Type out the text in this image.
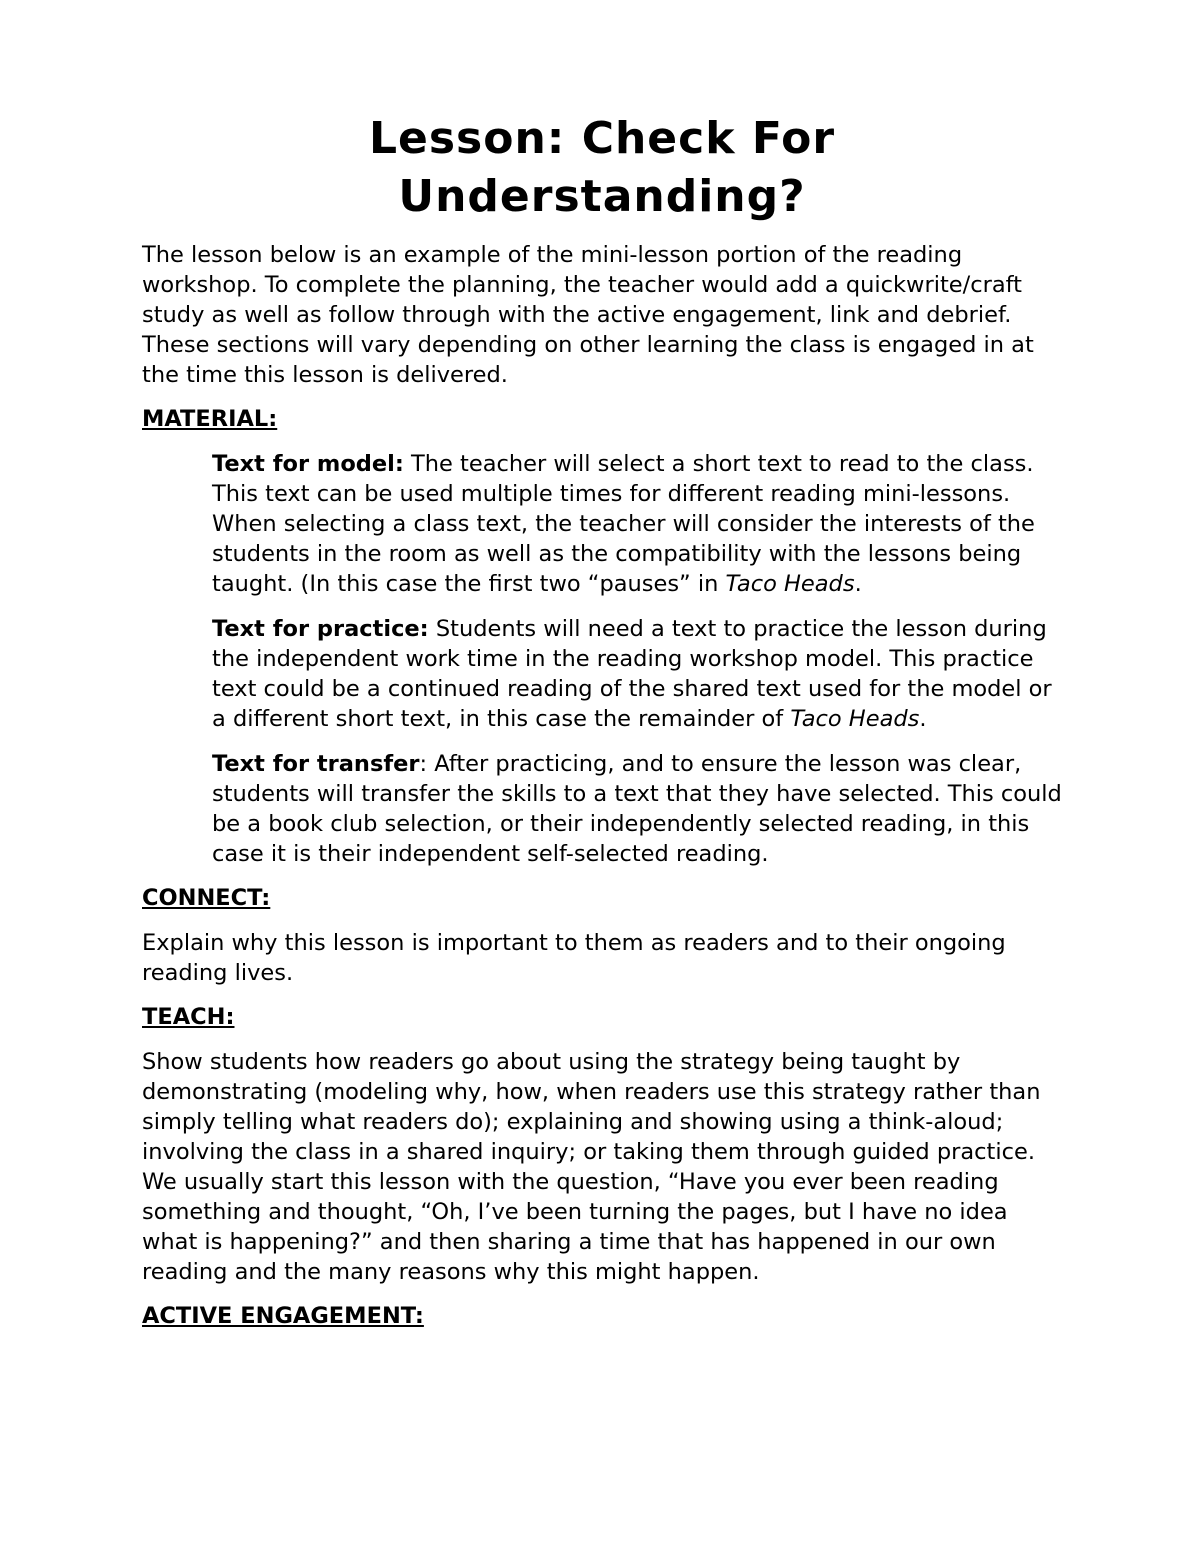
Lesson: Check For
Understanding?

The lesson below is an example of the mini-lesson portion of the reading workshop. To complete the planning, the teacher would add a quickwrite/craft study as well as follow through with the active engagement, link and debrief. These sections will vary depending on other learning the class is engaged in at the time this lesson is delivered.

MATERIAL:

Text for model: The teacher will select a short text to read to the class. This text can be used multiple times for different reading mini-lessons. When selecting a class text, the teacher will consider the interests of the students in the room as well as the compatibility with the lessons being taught. (In this case the first two “pauses” in Taco Heads.

Text for practice: Students will need a text to practice the lesson during the independent work time in the reading workshop model. This practice text could be a continued reading of the shared text used for the model or a different short text, in this case the remainder of Taco Heads.

Text for transfer: After practicing, and to ensure the lesson was clear, students will transfer the skills to a text that they have selected. This could be a book club selection, or their independently selected reading, in this case it is their independent self-selected reading.

CONNECT:

Explain why this lesson is important to them as readers and to their ongoing reading lives.

TEACH:

Show students how readers go about using the strategy being taught by demonstrating (modeling why, how, when readers use this strategy rather than simply telling what readers do); explaining and showing using a think-aloud; involving the class in a shared inquiry; or taking them through guided practice. We usually start this lesson with the question, “Have you ever been reading something and thought, “Oh, I’ve been turning the pages, but I have no idea what is happening?” and then sharing a time that has happened in our own reading and the many reasons why this might happen.

ACTIVE ENGAGEMENT:
